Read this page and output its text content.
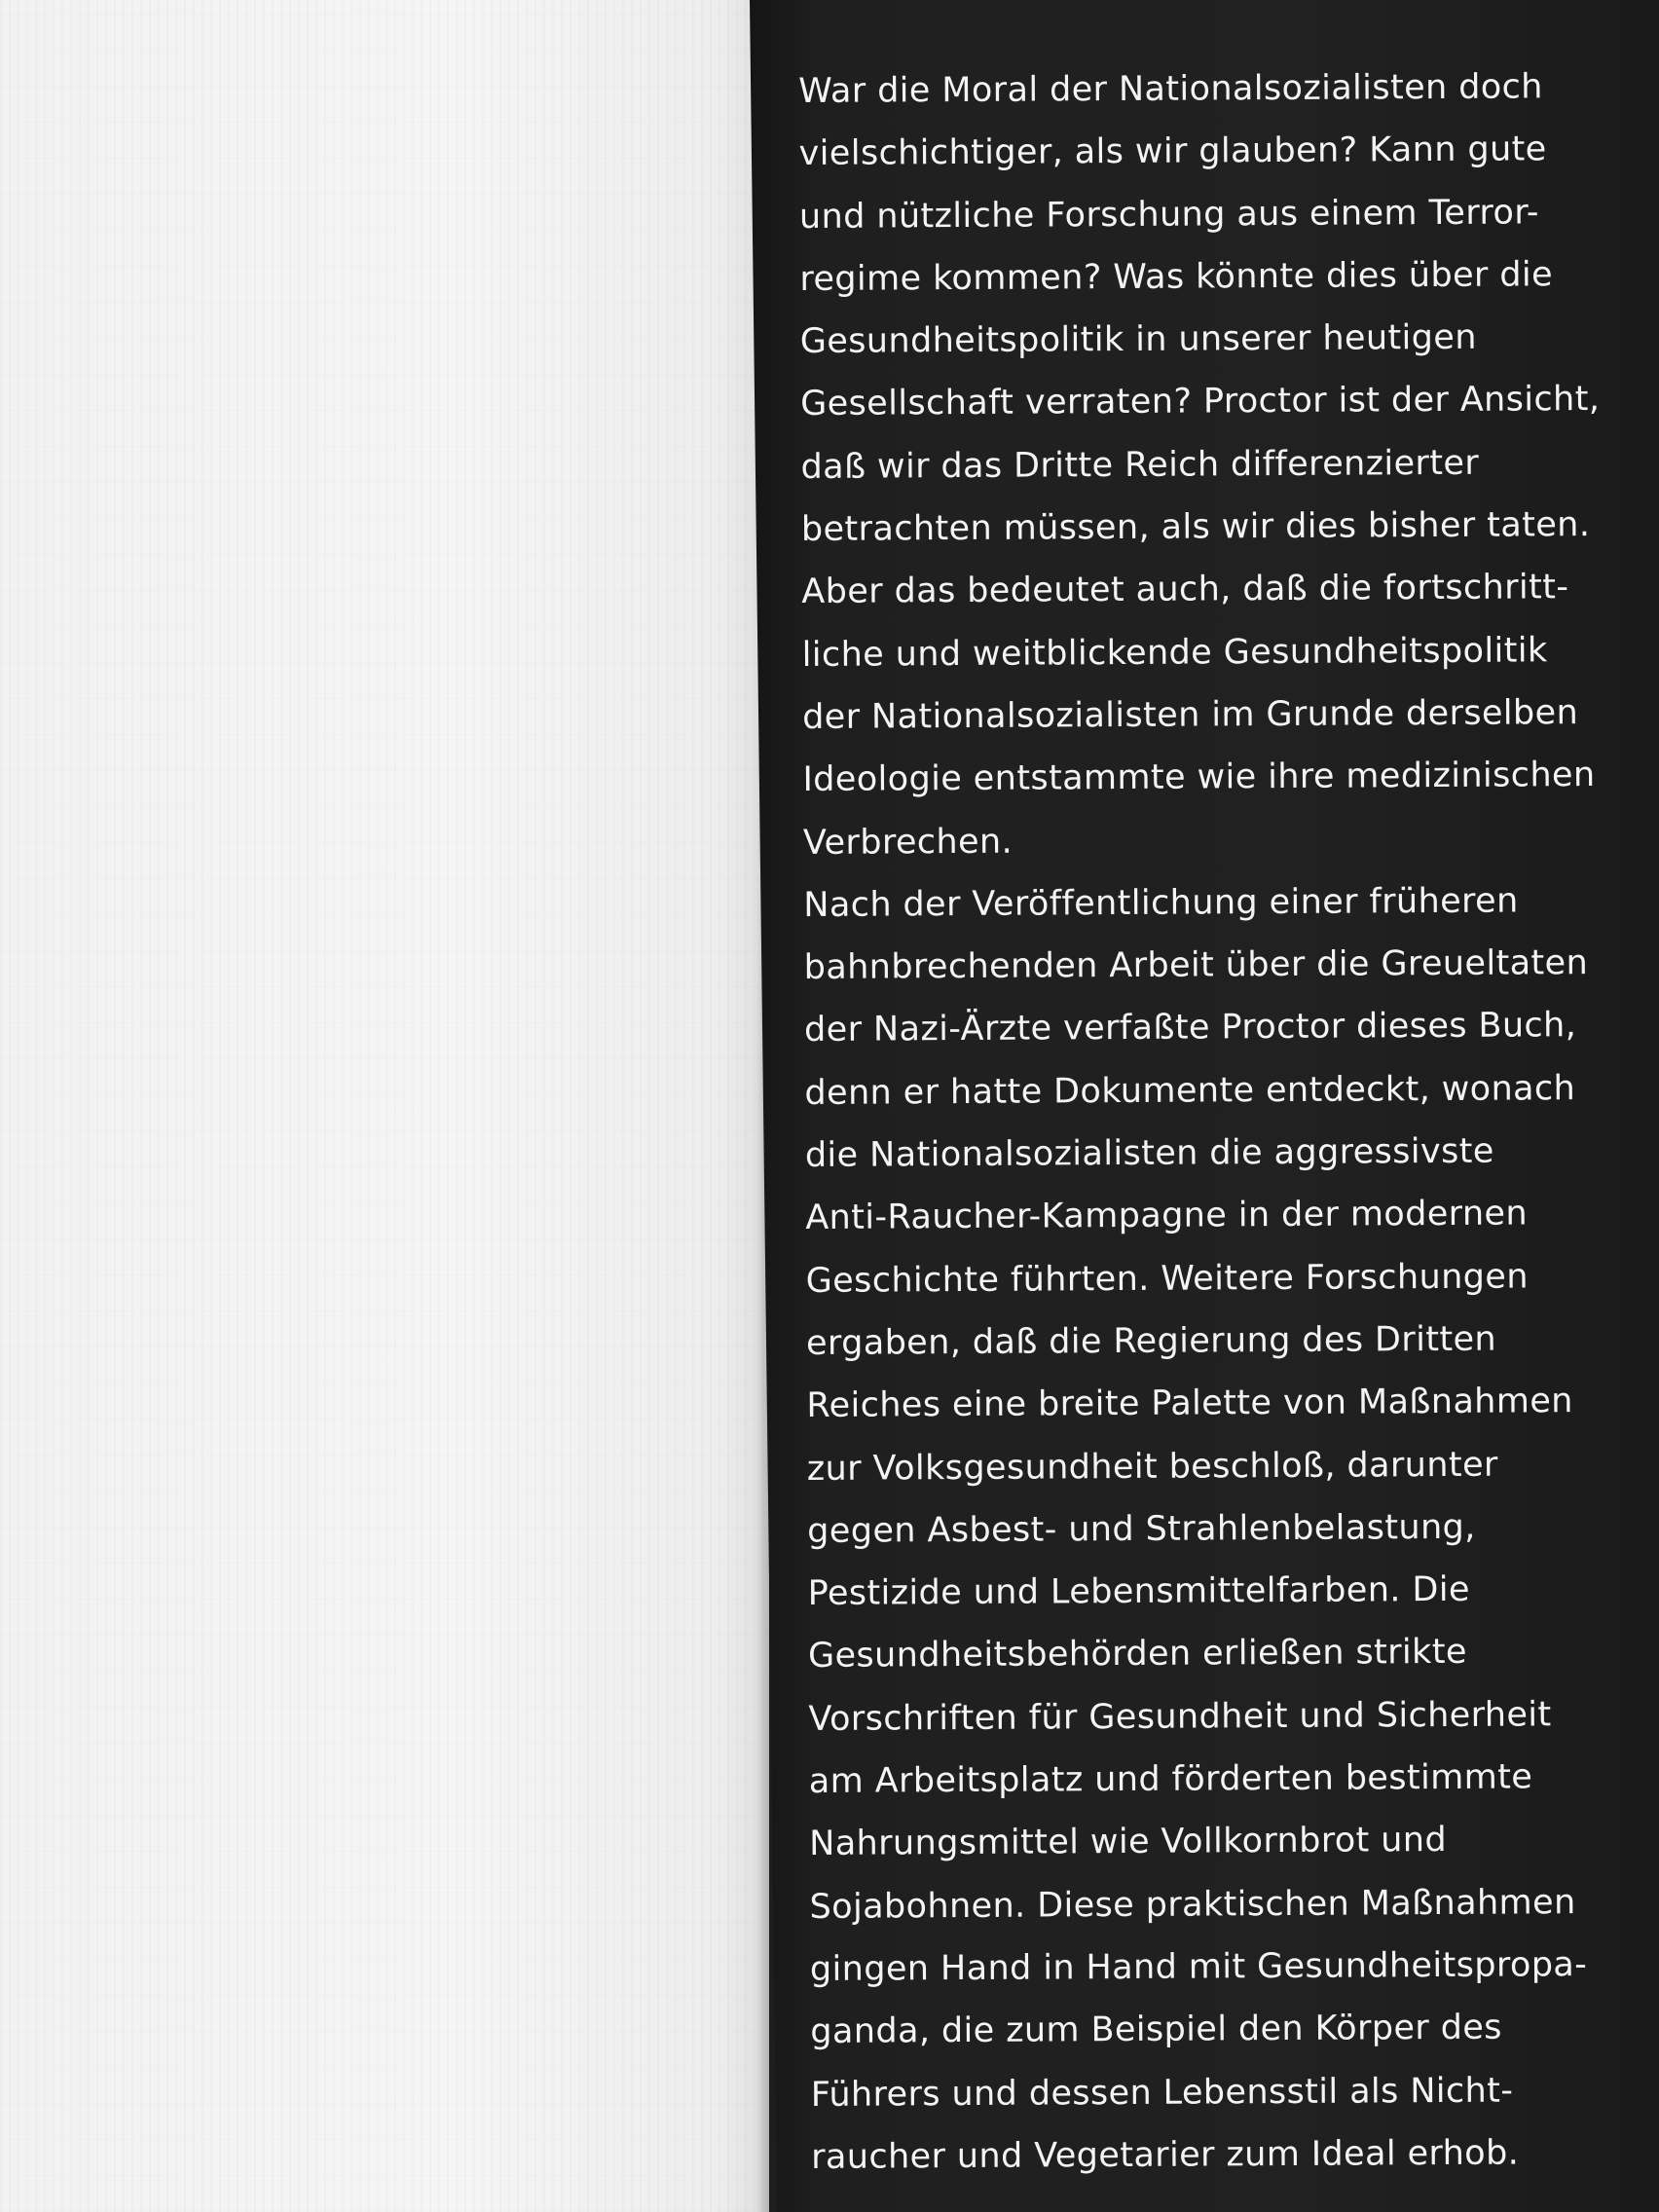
War die Moral der Nationalsozialisten doch
vielschichtiger, als wir glauben? Kann gute
und nützliche Forschung aus einem Terror-
regime kommen? Was könnte dies über die
Gesundheitspolitik in unserer heutigen
Gesellschaft verraten? Proctor ist der Ansicht,
daß wir das Dritte Reich differenzierter
betrachten müssen, als wir dies bisher taten.
Aber das bedeutet auch, daß die fortschritt-
liche und weitblickende Gesundheitspolitik
der Nationalsozialisten im Grunde derselben
Ideologie entstammte wie ihre medizinischen
Verbrechen.
Nach der Veröffentlichung einer früheren
bahnbrechenden Arbeit über die Greueltaten
der Nazi-Ärzte verfaßte Proctor dieses Buch,
denn er hatte Dokumente entdeckt, wonach
die Nationalsozialisten die aggressivste
Anti-Raucher-Kampagne in der modernen
Geschichte führten. Weitere Forschungen
ergaben, daß die Regierung des Dritten
Reiches eine breite Palette von Maßnahmen
zur Volksgesundheit beschloß, darunter
gegen Asbest- und Strahlenbelastung,
Pestizide und Lebensmittelfarben. Die
Gesundheitsbehörden erließen strikte
Vorschriften für Gesundheit und Sicherheit
am Arbeitsplatz und förderten bestimmte
Nahrungsmittel wie Vollkornbrot und
Sojabohnen. Diese praktischen Maßnahmen
gingen Hand in Hand mit Gesundheitspropa-
ganda, die zum Beispiel den Körper des
Führers und dessen Lebensstil als Nicht-
raucher und Vegetarier zum Ideal erhob.
